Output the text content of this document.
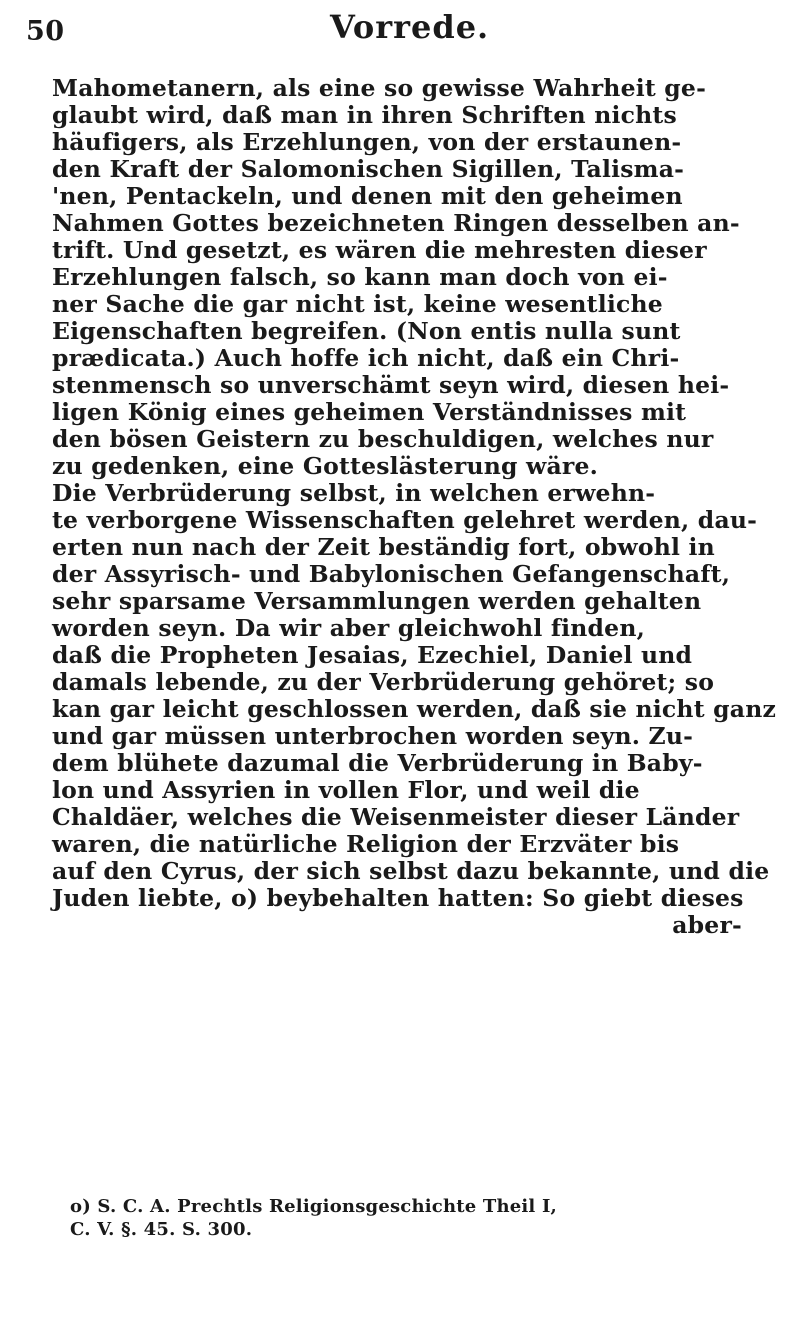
50	Vorrede.
Mahometanern, als eine so gewisse Wahrheit ge-
glaubt wird, daß man in ihren Schriften nichts
häufigers, als Erzehlungen, von der erstaunen-
den Kraft der Salomonischen Sigillen, Talisma-
'nen, Pentackeln, und denen mit den geheimen
Nahmen Gottes bezeichneten Ringen desselben an-
trift. Und gesetzt, es wären die mehresten dieser
Erzehlungen falsch, so kann man doch von ei-
ner Sache die gar nicht ist, keine wesentliche
Eigenschaften begreifen. (Non entis nulla sunt
prædicata.) Auch hoffe ich nicht, daß ein Chri-
stenmensch so unverschämt seyn wird, diesen hei-
ligen König eines geheimen Verständnisses mit
den bösen Geistern zu beschuldigen, welches nur
zu gedenken, eine Gotteslästerung wäre.
Die Verbrüderung selbst, in welchen erwehn-
te verborgene Wissenschaften gelehret werden, dau-
erten nun nach der Zeit beständig fort, obwohl in
der Assyrisch- und Babylonischen Gefangenschaft,
sehr sparsame Versammlungen werden gehalten
worden seyn. Da wir aber gleichwohl finden,
daß die Propheten Jesaias, Ezechiel, Daniel und
damals lebende, zu der Verbrüderung gehöret; so
kan gar leicht geschlossen werden, daß sie nicht ganz
und gar müssen unterbrochen worden seyn. Zu-
dem blühete dazumal die Verbrüderung in Baby-
lon und Assyrien in vollen Flor, und weil die
Chaldäer, welches die Weisenmeister dieser Länder
waren, die natürliche Religion der Erzväter bis
auf den Cyrus, der sich selbst dazu bekannte, und die
Juden liebte, o) beybehalten hatten: So giebt dieses
aber-
o) S. C. A. Prechtls Religionsgeschichte Theil I,
C. V. §. 45. S. 300.
